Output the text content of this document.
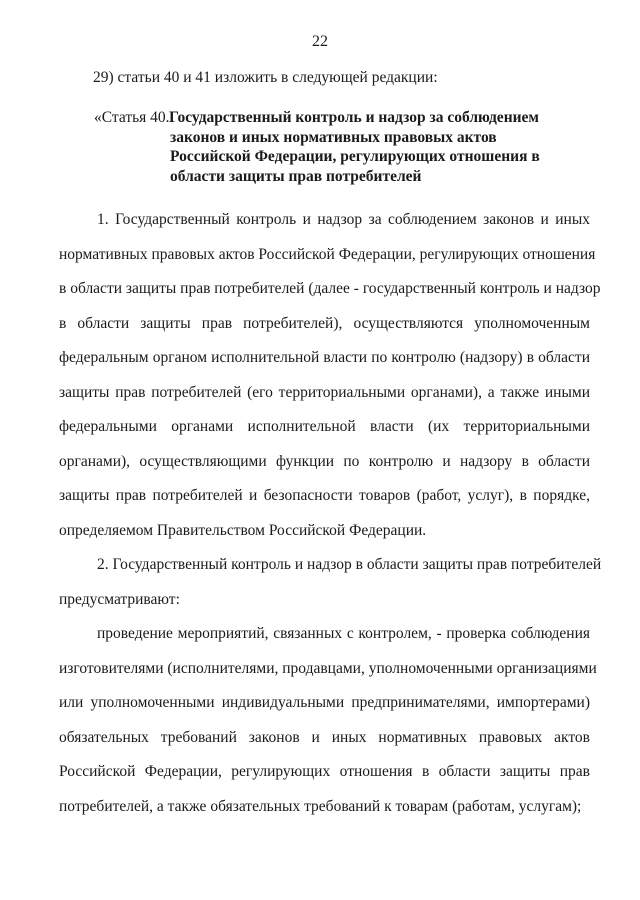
22
29) статьи 40 и 41 изложить в следующей редакции:
«Статья 40. Государственный контроль и надзор за соблюдением
законов и иных нормативных правовых актов
Российской Федерации, регулирующих отношения в
области защиты прав потребителей
1. Государственный контроль и надзор за соблюдением законов и иных
нормативных правовых актов Российской Федерации, регулирующих отношения
в области защиты прав потребителей (далее - государственный контроль и надзор
в области защиты прав потребителей), осуществляются уполномоченным
федеральным органом исполнительной власти по контролю (надзору) в области
защиты прав потребителей (его территориальными органами), а также иными
федеральными органами исполнительной власти (их территориальными
органами), осуществляющими функции по контролю и надзору в области
защиты прав потребителей и безопасности товаров (работ, услуг), в порядке,
определяемом Правительством Российской Федерации.
2. Государственный контроль и надзор в области защиты прав потребителей
предусматривают:
проведение мероприятий, связанных с контролем, - проверка соблюдения
изготовителями (исполнителями, продавцами, уполномоченными организациями
или уполномоченными индивидуальными предпринимателями, импортерами)
обязательных требований законов и иных нормативных правовых актов
Российской Федерации, регулирующих отношения в области защиты прав
потребителей, а также обязательных требований к товарам (работам, услугам);
